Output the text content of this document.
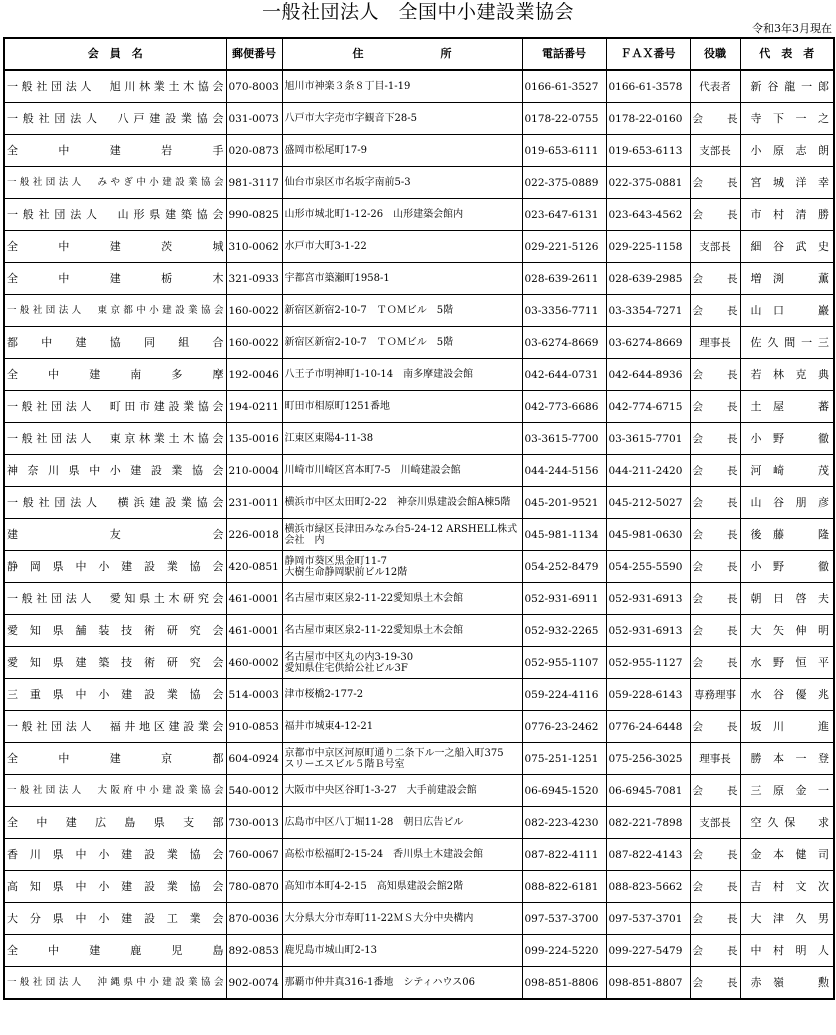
一般社団法人　全国中小建設業協会
令和3年3月現在
会　員　名	郵便番号	住　　　　　　　所	電話番号	ＦＡＸ番号	役職	代　表　者
一般社団法人　旭川林業土木協会	070-8003	旭川市神楽３条８丁目-1-19	0166-61-3527	0166-61-3578	代表者	新谷龍一郎
一般社団法人　八戸建設業協会	031-0073	八戸市大字売市字観音下28-5	0178-22-0755	0178-22-0160	会長	寺下一之
全中建岩手	020-0873	盛岡市松尾町17-9	019-653-6111	019-653-6113	支部長	小原志朗
一般社団法人　みやぎ中小建設業協会	981-3117	仙台市泉区市名坂字南前5-3	022-375-0889	022-375-0881	会長	宮城洋幸
一般社団法人　山形県建築協会	990-0825	山形市城北町1-12-26　山形建築会館内	023-647-6131	023-643-4562	会長	市村清勝
全中建茨城	310-0062	水戸市大町3-1-22	029-221-5126	029-225-1158	支部長	細谷武史
全中建栃木	321-0933	宇都宮市築瀬町1958-1	028-639-2611	028-639-2985	会長	増渕　薫
一般社団法人　東京都中小建設業協会	160-0022	新宿区新宿2-10-7　ＴＯＭビル　5階	03-3356-7711	03-3354-7271	会長	山口　巖
都中建協同組合	160-0022	新宿区新宿2-10-7　ＴＯＭビル　5階	03-6274-8669	03-6274-8669	理事長	佐久間一三
全中建南多摩	192-0046	八王子市明神町1-10-14　南多摩建設会館	042-644-0731	042-644-8936	会長	若林克典
一般社団法人　町田市建設業協会	194-0211	町田市相原町1251番地	042-773-6686	042-774-6715	会長	土屋　蕃
一般社団法人　東京林業土木協会	135-0016	江東区東陽4-11-38	03-3615-7700	03-3615-7701	会長	小野　徹
神奈川県中小建設業協会	210-0004	川崎市川崎区宮本町7-5　川崎建設会館	044-244-5156	044-211-2420	会長	河崎　茂
一般社団法人　横浜建設業協会	231-0011	横浜市中区太田町2-22　神奈川県建設会館A棟5階	045-201-9521	045-212-5027	会長	山谷朋彦
建友会	226-0018	横浜市緑区長津田みなみ台5-24-12 ARSHELL株式会社　内	045-981-1134	045-981-0630	会長	後藤　隆
静岡県中小建設業協会	420-0851	静岡市葵区黒金町11-7
大樹生命静岡駅前ビル12階	054-252-8479	054-255-5590	会長	小野　徹
一般社団法人　愛知県土木研究会	461-0001	名古屋市東区泉2-11-22愛知県土木会館	052-931-6911	052-931-6913	会長	朝日啓夫
愛知県舗装技術研究会	461-0001	名古屋市東区泉2-11-22愛知県土木会館	052-932-2265	052-931-6913	会長	大矢伸明
愛知県建築技術研究会	460-0002	名古屋市中区丸の内3-19-30
愛知県住宅供給公社ビル3F	052-955-1107	052-955-1127	会長	水野恒平
三重県中小建設業協会	514-0003	津市桜橋2-177-2	059-224-4116	059-228-6143	専務理事	水谷優兆
一般社団法人　福井地区建設業会	910-0853	福井市城東4-12-21	0776-23-2462	0776-24-6448	会長	坂川　進
全中建京都	604-0924	京都市中京区河原町通り二条下ル一之船入町375　スリーエスビル５階Ｂ号室	075-251-1251	075-256-3025	理事長	勝本一登
一般社団法人　大阪府中小建設業協会	540-0012	大阪市中央区谷町1-3-27　大手前建設会館	06-6945-1520	06-6945-7081	会長	三原金一
全中建広島県支部	730-0013	広島市中区八丁堀11-28　朝日広告ビル	082-223-4230	082-221-7898	支部長	空久保　求
香川県中小建設業協会	760-0067	高松市松福町2-15-24　香川県土木建設会館	087-822-4111	087-822-4143	会長	金本健司
高知県中小建設業協会	780-0870	高知市本町4-2-15　高知県建設会館2階	088-822-6181	088-823-5662	会長	吉村文次
大分県中小建設工業会	870-0036	大分県大分市寿町11-22ＭＳ大分中央構内	097-537-3700	097-537-3701	会長	大津久男
全中建鹿児島	892-0853	鹿児島市城山町2-13	099-224-5220	099-227-5479	会長	中村明人
一般社団法人　沖縄県中小建設業協会	902-0074	那覇市仲井真316-1番地　シティハウス06	098-851-8806	098-851-8807	会長	赤嶺　勲
